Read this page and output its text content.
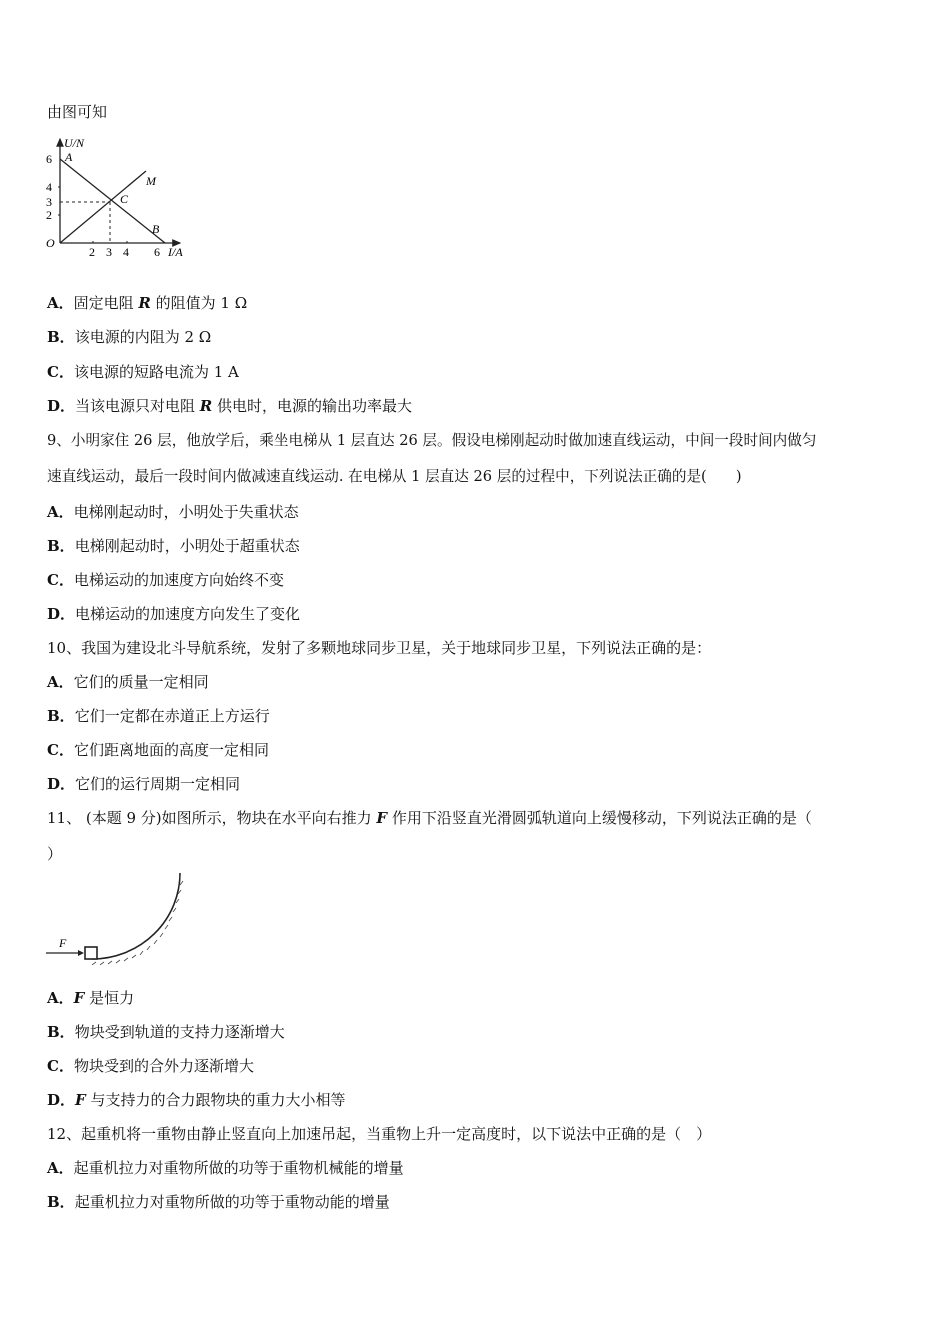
由图可知
U/N
I/A
O
6
4
3
2
2 3 4 6
A
M
C
B
A．固定电阻 R 的阻值为 1 Ω
B．该电源的内阻为 2 Ω
C．该电源的短路电流为 1 A
D．当该电源只对电阻 R 供电时，电源的输出功率最大
9、小明家住 26 层，他放学后，乘坐电梯从 1 层直达 26 层。假设电梯刚起动时做加速直线运动，中间一段时间内做匀
速直线运动，最后一段时间内做减速直线运动. 在电梯从 1 层直达 26 层的过程中，下列说法正确的是(　　)
A．电梯刚起动时，小明处于失重状态
B．电梯刚起动时，小明处于超重状态
C．电梯运动的加速度方向始终不变
D．电梯运动的加速度方向发生了变化
10、我国为建设北斗导航系统，发射了多颗地球同步卫星，关于地球同步卫星，下列说法正确的是：
A．它们的质量一定相同
B．它们一定都在赤道正上方运行
C．它们距离地面的高度一定相同
D．它们的运行周期一定相同
11、 (本题 9 分)如图所示，物块在水平向右推力 F 作用下沿竖直光滑圆弧轨道向上缓慢移动，下列说法正确的是（
）
F
A．F 是恒力
B．物块受到轨道的支持力逐渐增大
C．物块受到的合外力逐渐增大
D．F 与支持力的合力跟物块的重力大小相等
12、起重机将一重物由静止竖直向上加速吊起，当重物上升一定高度时，以下说法中正确的是（　）
A．起重机拉力对重物所做的功等于重物机械能的增量
B．起重机拉力对重物所做的功等于重物动能的增量
